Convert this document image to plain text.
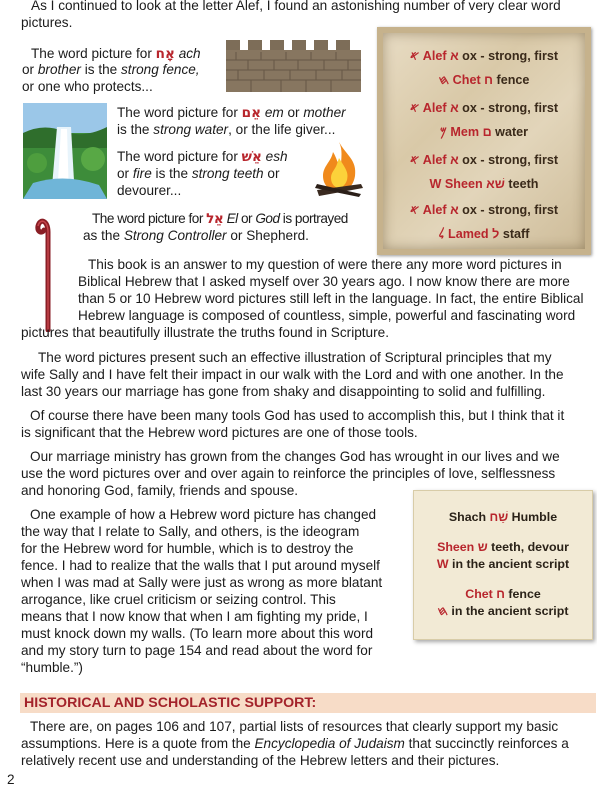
As I continued to look at the letter Alef, I found an astonishing number of very clear word
pictures.
The word picture for אָח ach
or brother is the strong fence,
or one who protects...
The word picture for אֵם em or mother
is the strong water, or the life giver...
The word picture for אֵשׁ esh
or fire is the strong teeth or
devourer...
The word picture for אֵל El or God is portrayed
as the Strong Controller or Shepherd.
𐤀 Alef א ox - strong, first
𐤇 Chet ח fence
𐤀 Alef א ox - strong, first
𐤌 Mem ם water
𐤀 Alef א ox - strong, first
W Sheen שׁא teeth
𐤀 Alef א ox - strong, first
𐤋 Lamed ל staff
This book is an answer to my question of were there any more word pictures in
Biblical Hebrew that I asked myself over 30 years ago. I now know there are more
than 5 or 10 Hebrew word pictures still left in the language. In fact, the entire Biblical
Hebrew language is composed of countless, simple, powerful and fascinating word
pictures that beautifully illustrate the truths found in Scripture.
The word pictures present such an effective illustration of Scriptural principles that my
wife Sally and I have felt their impact in our walk with the Lord and with one another. In the
last 30 years our marriage has gone from shaky and disappointing to solid and fulfilling.
Of course there have been many tools God has used to accomplish this, but I think that it
is significant that the Hebrew word pictures are one of those tools.
Our marriage ministry has grown from the changes God has wrought in our lives and we
use the word pictures over and over again to reinforce the principles of love, selflessness
and honoring God, family, friends and spouse.
One example of how a Hebrew word picture has changed
the way that I relate to Sally, and others, is the ideogram
for the Hebrew word for humble, which is to destroy the
fence. I had to realize that the walls that I put around myself
when I was mad at Sally were just as wrong as more blatant
arrogance, like cruel criticism or seizing control. This
means that I now know that when I am fighting my pride, I
must knock down my walls. (To learn more about this word
and my story turn to page 154 and read about the word for
“humble.”)
Shach שַׁח Humble
Sheen ש teeth, devour
W in the ancient script
Chet ח fence
𐤇 in the ancient script
HISTORICAL AND SCHOLASTIC SUPPORT:
There are, on pages 106 and 107, partial lists of resources that clearly support my basic
assumptions. Here is a quote from the Encyclopedia of Judaism that succinctly reinforces a
relatively recent use and understanding of the Hebrew letters and their pictures.
2
